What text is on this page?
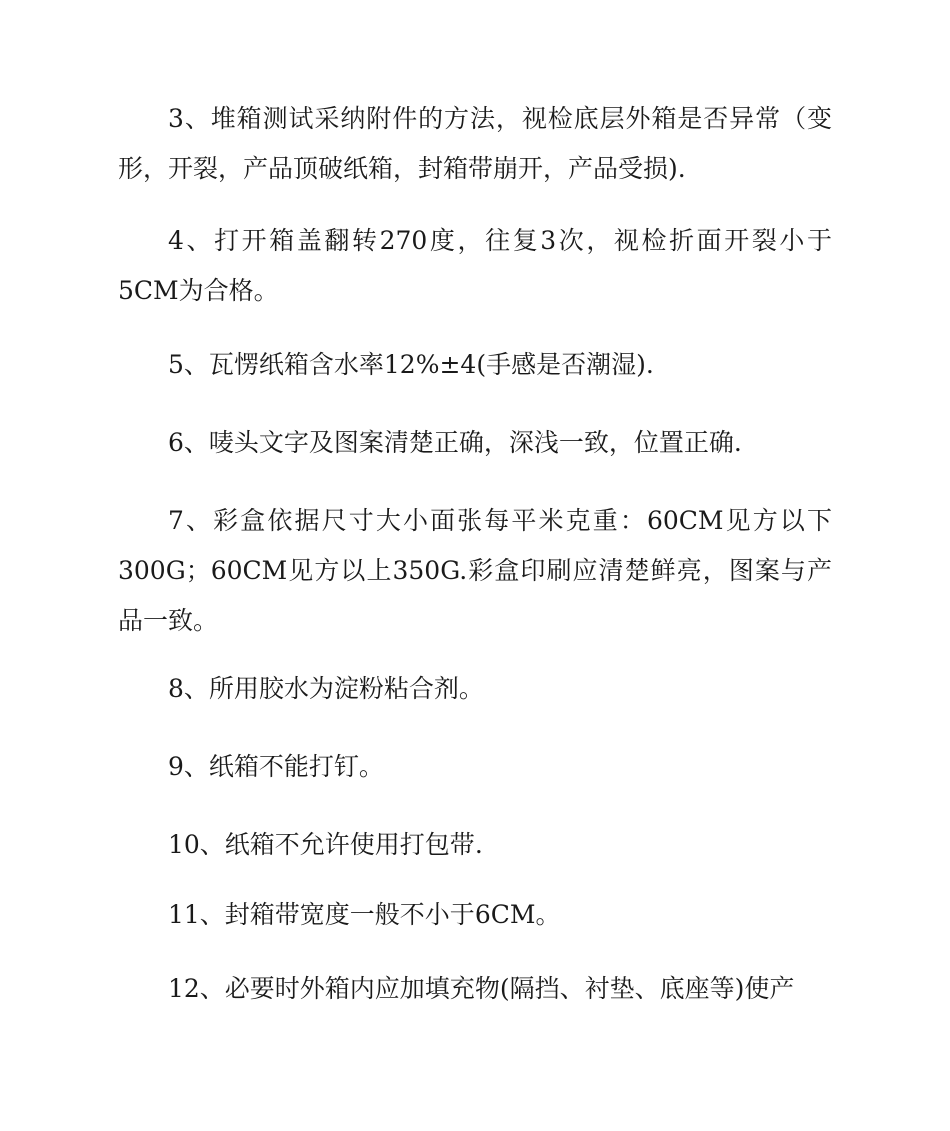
3、堆箱测试采纳附件的方法，视检底层外箱是否异常（变形，开裂，产品顶破纸箱，封箱带崩开，产品受损).

4、打开箱盖翻转270度，往复3次，视检折面开裂小于5CM为合格。

5、瓦愣纸箱含水率12%±4(手感是否潮湿).

6、唛头文字及图案清楚正确，深浅一致，位置正确.

7、彩盒依据尺寸大小面张每平米克重：60CM见方以下300G；60CM见方以上350G.彩盒印刷应清楚鲜亮，图案与产品一致。

8、所用胶水为淀粉粘合剂。

9、纸箱不能打钉。

10、纸箱不允许使用打包带.

11、封箱带宽度一般不小于6CM。

12、必要时外箱内应加填充物(隔挡、衬垫、底座等)使产
